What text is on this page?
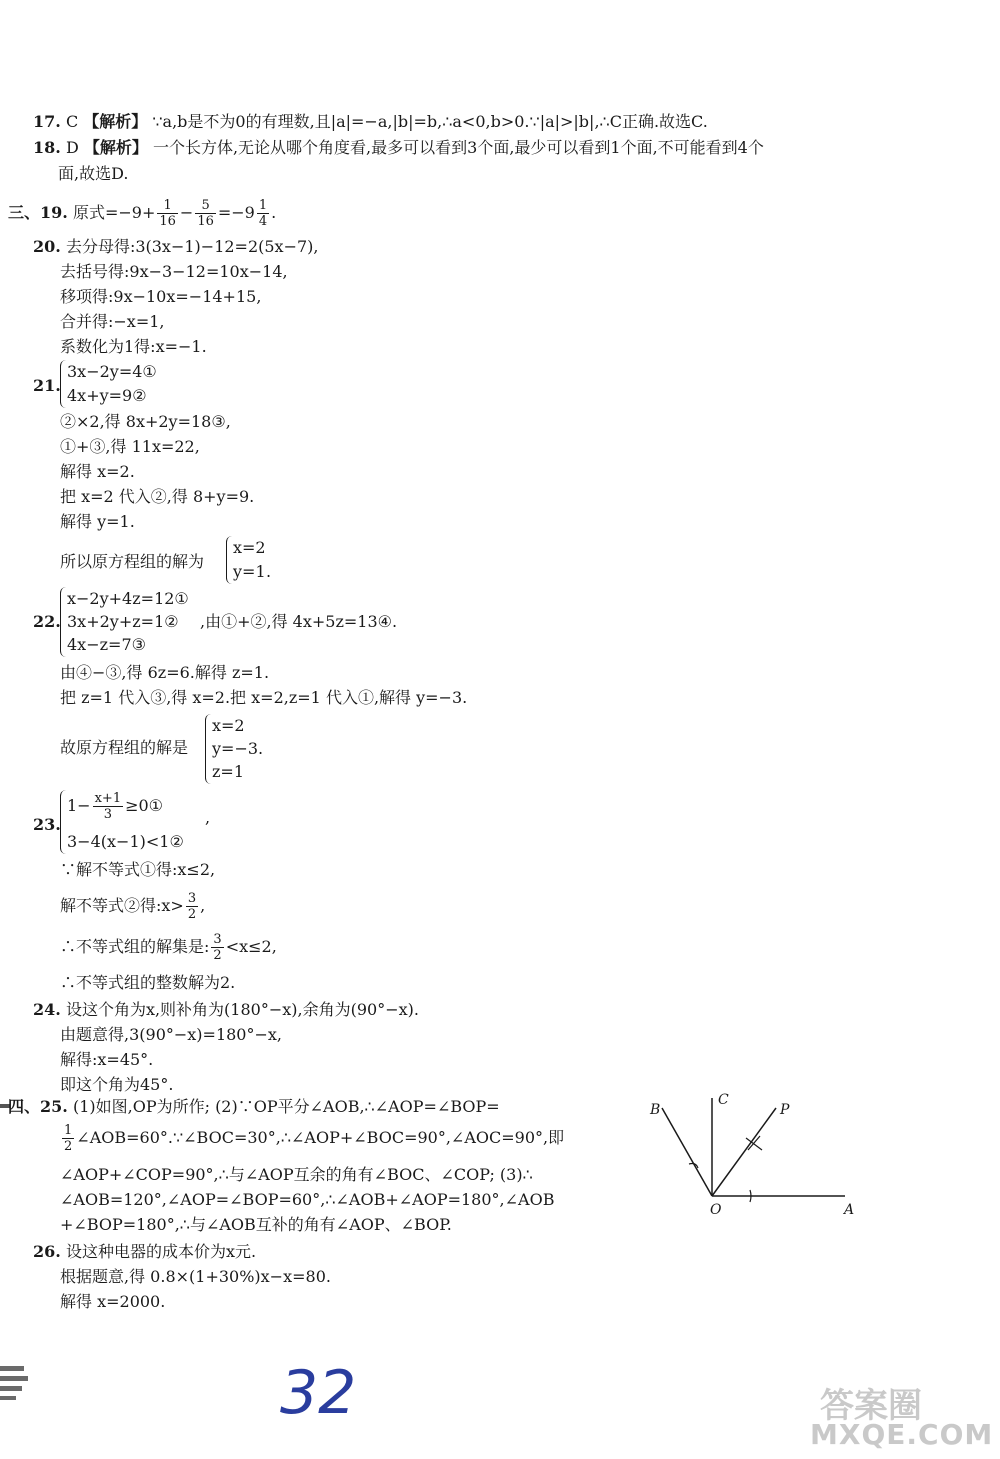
17. C 【解析】 ∵a,b是不为0的有理数,且|a|=−a,|b|=b,∴a<0,b>0.∵|a|>|b|,∴C正确.故选C.
18. D 【解析】 一个长方体,无论从哪个角度看,最多可以看到3个面,最少可以看到1个面,不可能看到4个
面,故选D.
三、19. 原式$=-9+ \frac{1}{16} - \frac{5}{16} =-9 \frac{1}{4}$ .
20. 去分母得:3(3x−1)−12=2(5x−7),
去括号得:9x−3−12=10x−14,
移项得:9x−10x=−14+15,
合并得:−x=1,
系数化为1得:x=−1.
21.
3x−2y=4①
4x+y=9②
②×2,得 8x+2y=18③,
①+③,得 11x=22,
解得 x=2.
把 x=2 代入②,得 8+y=9.
解得 y=1.
所以原方程组的解为
x=2
y=1 .
22.
x−2y+4z=12①
3x+2y+z=1②
4x−z=7③
,由①+②,得 4x+5z=13④.
由④−③,得 6z=6.解得 z=1.
把 z=1 代入③,得 x=2.把 x=2,z=1 代入①,解得 y=−3.
故原方程组的解是
x=2
y=−3.
z=1
23.
$1- \frac{x+1}{3}$ ≥0①
3−4(x−1)<1②
,
∵解不等式①得:x≤2,
解不等式②得:x> $\frac{3}{2}$ ,
∴不等式组的解集是: $\frac{3}{2} <x\le 2$,
∴不等式组的整数解为2.
24. 设这个角为x,则补角为(180°−x),余角为(90°−x).
由题意得,3(90°−x)=180°−x,
解得:x=45°.
即这个角为45°.
四、25. (1)如图,OP为所作; (2)∵OP平分∠AOB,∴∠AOP=∠BOP=
$\frac{1}{2}$ ∠AOB=60°.∵∠BOC=30°,∴∠AOP+∠BOC=90°,∠AOC=90°,即
∠AOP+∠COP=90°,∴与∠AOP互余的角有∠BOC、∠COP; (3)∴
∠AOB=120°,∠AOP=∠BOP=60°,∴∠AOB+∠AOP=180°,∠AOB
+∠BOP=180°,∴与∠AOB互补的角有∠AOP、∠BOP.
B
C
P
O	A
26. 设这种电器的成本价为x元.
根据题意,得 0.8×(1+30%)x−x=80.
解得 x=2000.
32	答案圈
MXQE.COM
